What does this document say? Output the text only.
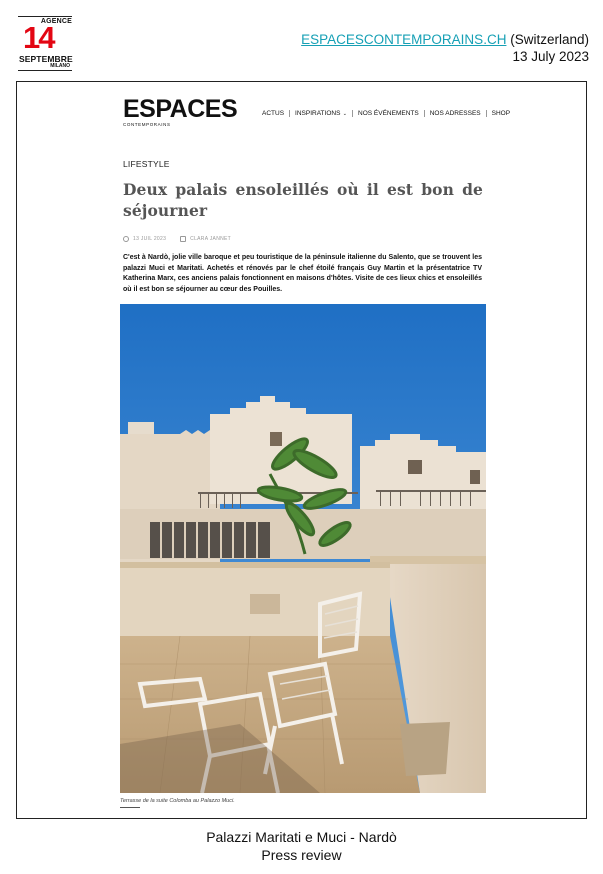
AGENCE
14
SEPTEMBRE
MILANO
ESPACESCONTEMPORAINS.CH (Switzerland)
13 July 2023
ESPACES
CONTEMPORAINS
ACTUS	INSPIRATIONS ⌄	NOS ÉVÉNEMENTS	NOS ADRESSES	SHOP
LIFESTYLE
Deux palais ensoleillés où il est bon de séjourner
13 JUIL 2023	CLARA JANNET
C'est à Nardò, jolie ville baroque et peu touristique de la péninsule italienne du Salento, que se trouvent les palazzi Muci et Maritati. Achetés et rénovés par le chef étoilé français Guy Martin et la présentatrice TV Katherina Marx, ces anciens palais fonctionnent en maisons d'hôtes. Visite de ces lieux chics et ensoleillés où il est bon se séjourner au cœur des Pouilles.
Terrasse de la suite Colomba au Palazzo Muci.
Palazzi Maritati e Muci - Nardò
Press review
